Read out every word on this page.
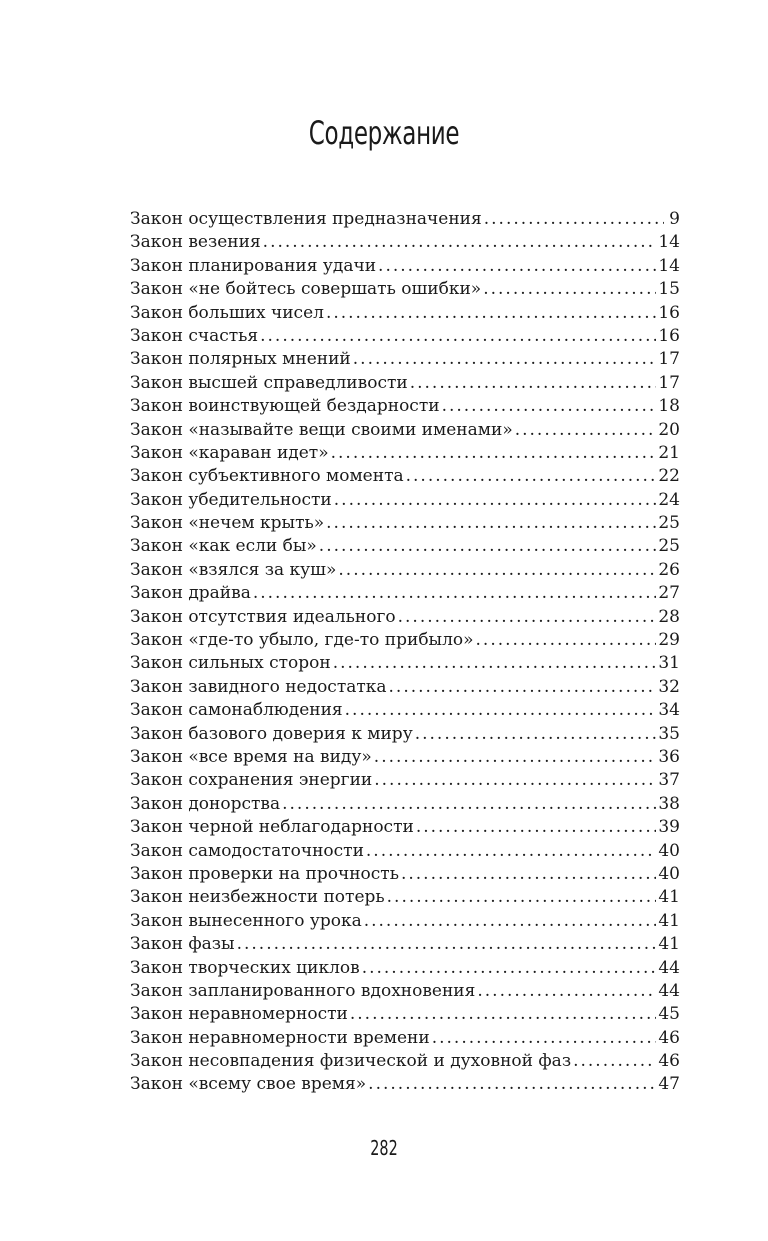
Содержание
Закон осуществления предназначения .....	9
Закон везения .....	14
Закон планирования удачи .....	14
Закон «не бойтесь совершать ошибки» .....	15
Закон больших чисел .....	16
Закон счастья .....	16
Закон полярных мнений .....	17
Закон высшей справедливости .....	17
Закон воинствующей бездарности .....	18
Закон «называйте вещи своими именами» .....	20
Закон «караван идет» .....	21
Закон субъективного момента .....	22
Закон убедительности .....	24
Закон «нечем крыть» .....	25
Закон «как если бы» .....	25
Закон «взялся за куш» .....	26
Закон драйва .....	27
Закон отсутствия идеального .....	28
Закон «где-то убыло, где-то прибыло» .....	29
Закон сильных сторон .....	31
Закон завидного недостатка .....	32
Закон самонаблюдения .....	34
Закон базового доверия к миру .....	35
Закон «все время на виду» .....	36
Закон сохранения энергии .....	37
Закон донорства .....	38
Закон черной неблагодарности .....	39
Закон самодостаточности .....	40
Закон проверки на прочность .....	40
Закон неизбежности потерь .....	41
Закон вынесенного урока .....	41
Закон фазы .....	41
Закон творческих циклов .....	44
Закон запланированного вдохновения .....	44
Закон неравномерности .....	45
Закон неравномерности времени .....	46
Закон несовпадения физической и духовной фаз .....	46
Закон «всему свое время» .....	47
282
